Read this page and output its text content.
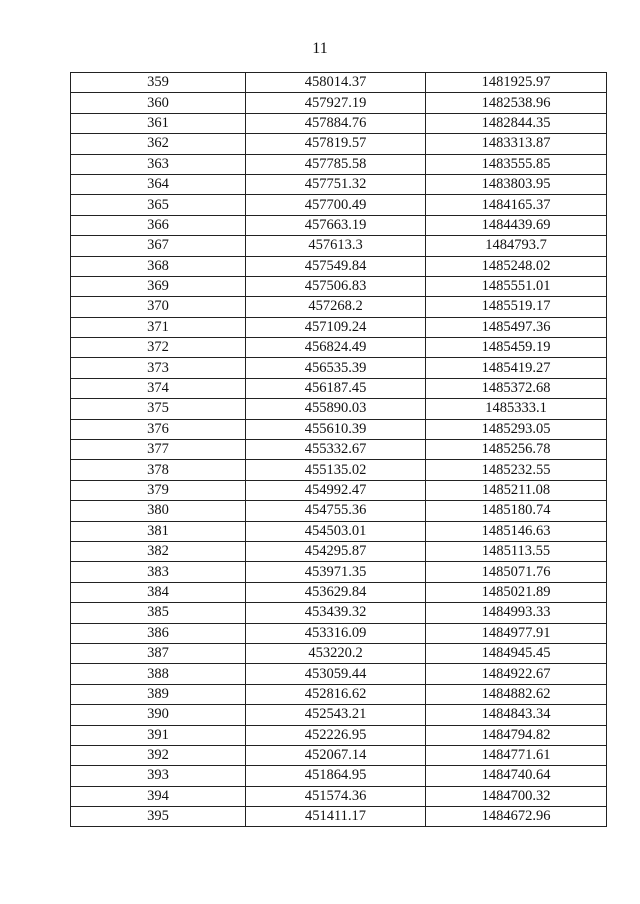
11
359	458014.37	1481925.97
360	457927.19	1482538.96
361	457884.76	1482844.35
362	457819.57	1483313.87
363	457785.58	1483555.85
364	457751.32	1483803.95
365	457700.49	1484165.37
366	457663.19	1484439.69
367	457613.3	1484793.7
368	457549.84	1485248.02
369	457506.83	1485551.01
370	457268.2	1485519.17
371	457109.24	1485497.36
372	456824.49	1485459.19
373	456535.39	1485419.27
374	456187.45	1485372.68
375	455890.03	1485333.1
376	455610.39	1485293.05
377	455332.67	1485256.78
378	455135.02	1485232.55
379	454992.47	1485211.08
380	454755.36	1485180.74
381	454503.01	1485146.63
382	454295.87	1485113.55
383	453971.35	1485071.76
384	453629.84	1485021.89
385	453439.32	1484993.33
386	453316.09	1484977.91
387	453220.2	1484945.45
388	453059.44	1484922.67
389	452816.62	1484882.62
390	452543.21	1484843.34
391	452226.95	1484794.82
392	452067.14	1484771.61
393	451864.95	1484740.64
394	451574.36	1484700.32
395	451411.17	1484672.96
